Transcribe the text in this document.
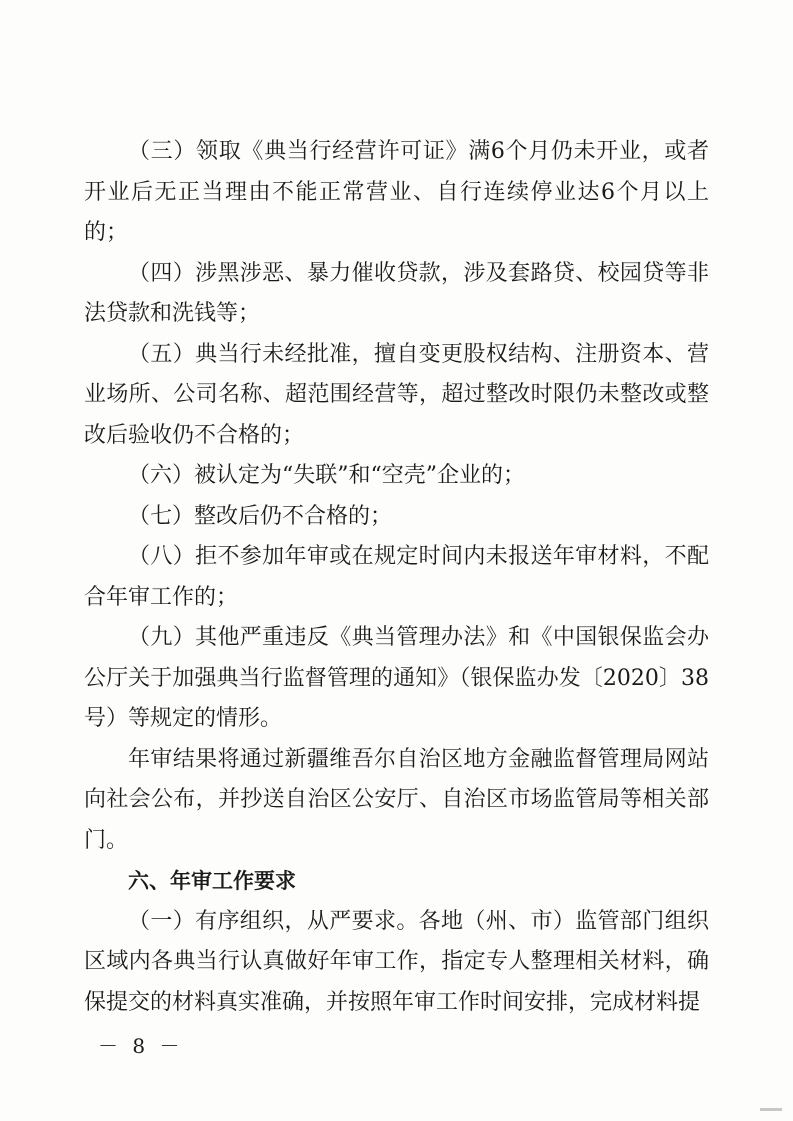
（三）领取《典当行经营许可证》满6个月仍未开业，或者开业后无正当理由不能正常营业、自行连续停业达6个月以上的；

（四）涉黑涉恶、暴力催收贷款，涉及套路贷、校园贷等非法贷款和洗钱等；

（五）典当行未经批准，擅自变更股权结构、注册资本、营业场所、公司名称、超范围经营等，超过整改时限仍未整改或整改后验收仍不合格的；

（六）被认定为“失联”和“空壳”企业的；

（七）整改后仍不合格的；

（八）拒不参加年审或在规定时间内未报送年审材料，不配合年审工作的；

（九）其他严重违反《典当管理办法》和《中国银保监会办公厅关于加强典当行监督管理的通知》（银保监办发〔2020〕38号）等规定的情形。

年审结果将通过新疆维吾尔自治区地方金融监督管理局网站向社会公布，并抄送自治区公安厅、自治区市场监管局等相关部门。

六、年审工作要求

（一）有序组织，从严要求。各地（州、市）监管部门组织区域内各典当行认真做好年审工作，指定专人整理相关材料，确保提交的材料真实准确，并按照年审工作时间安排，完成材料提

－ 8 －
